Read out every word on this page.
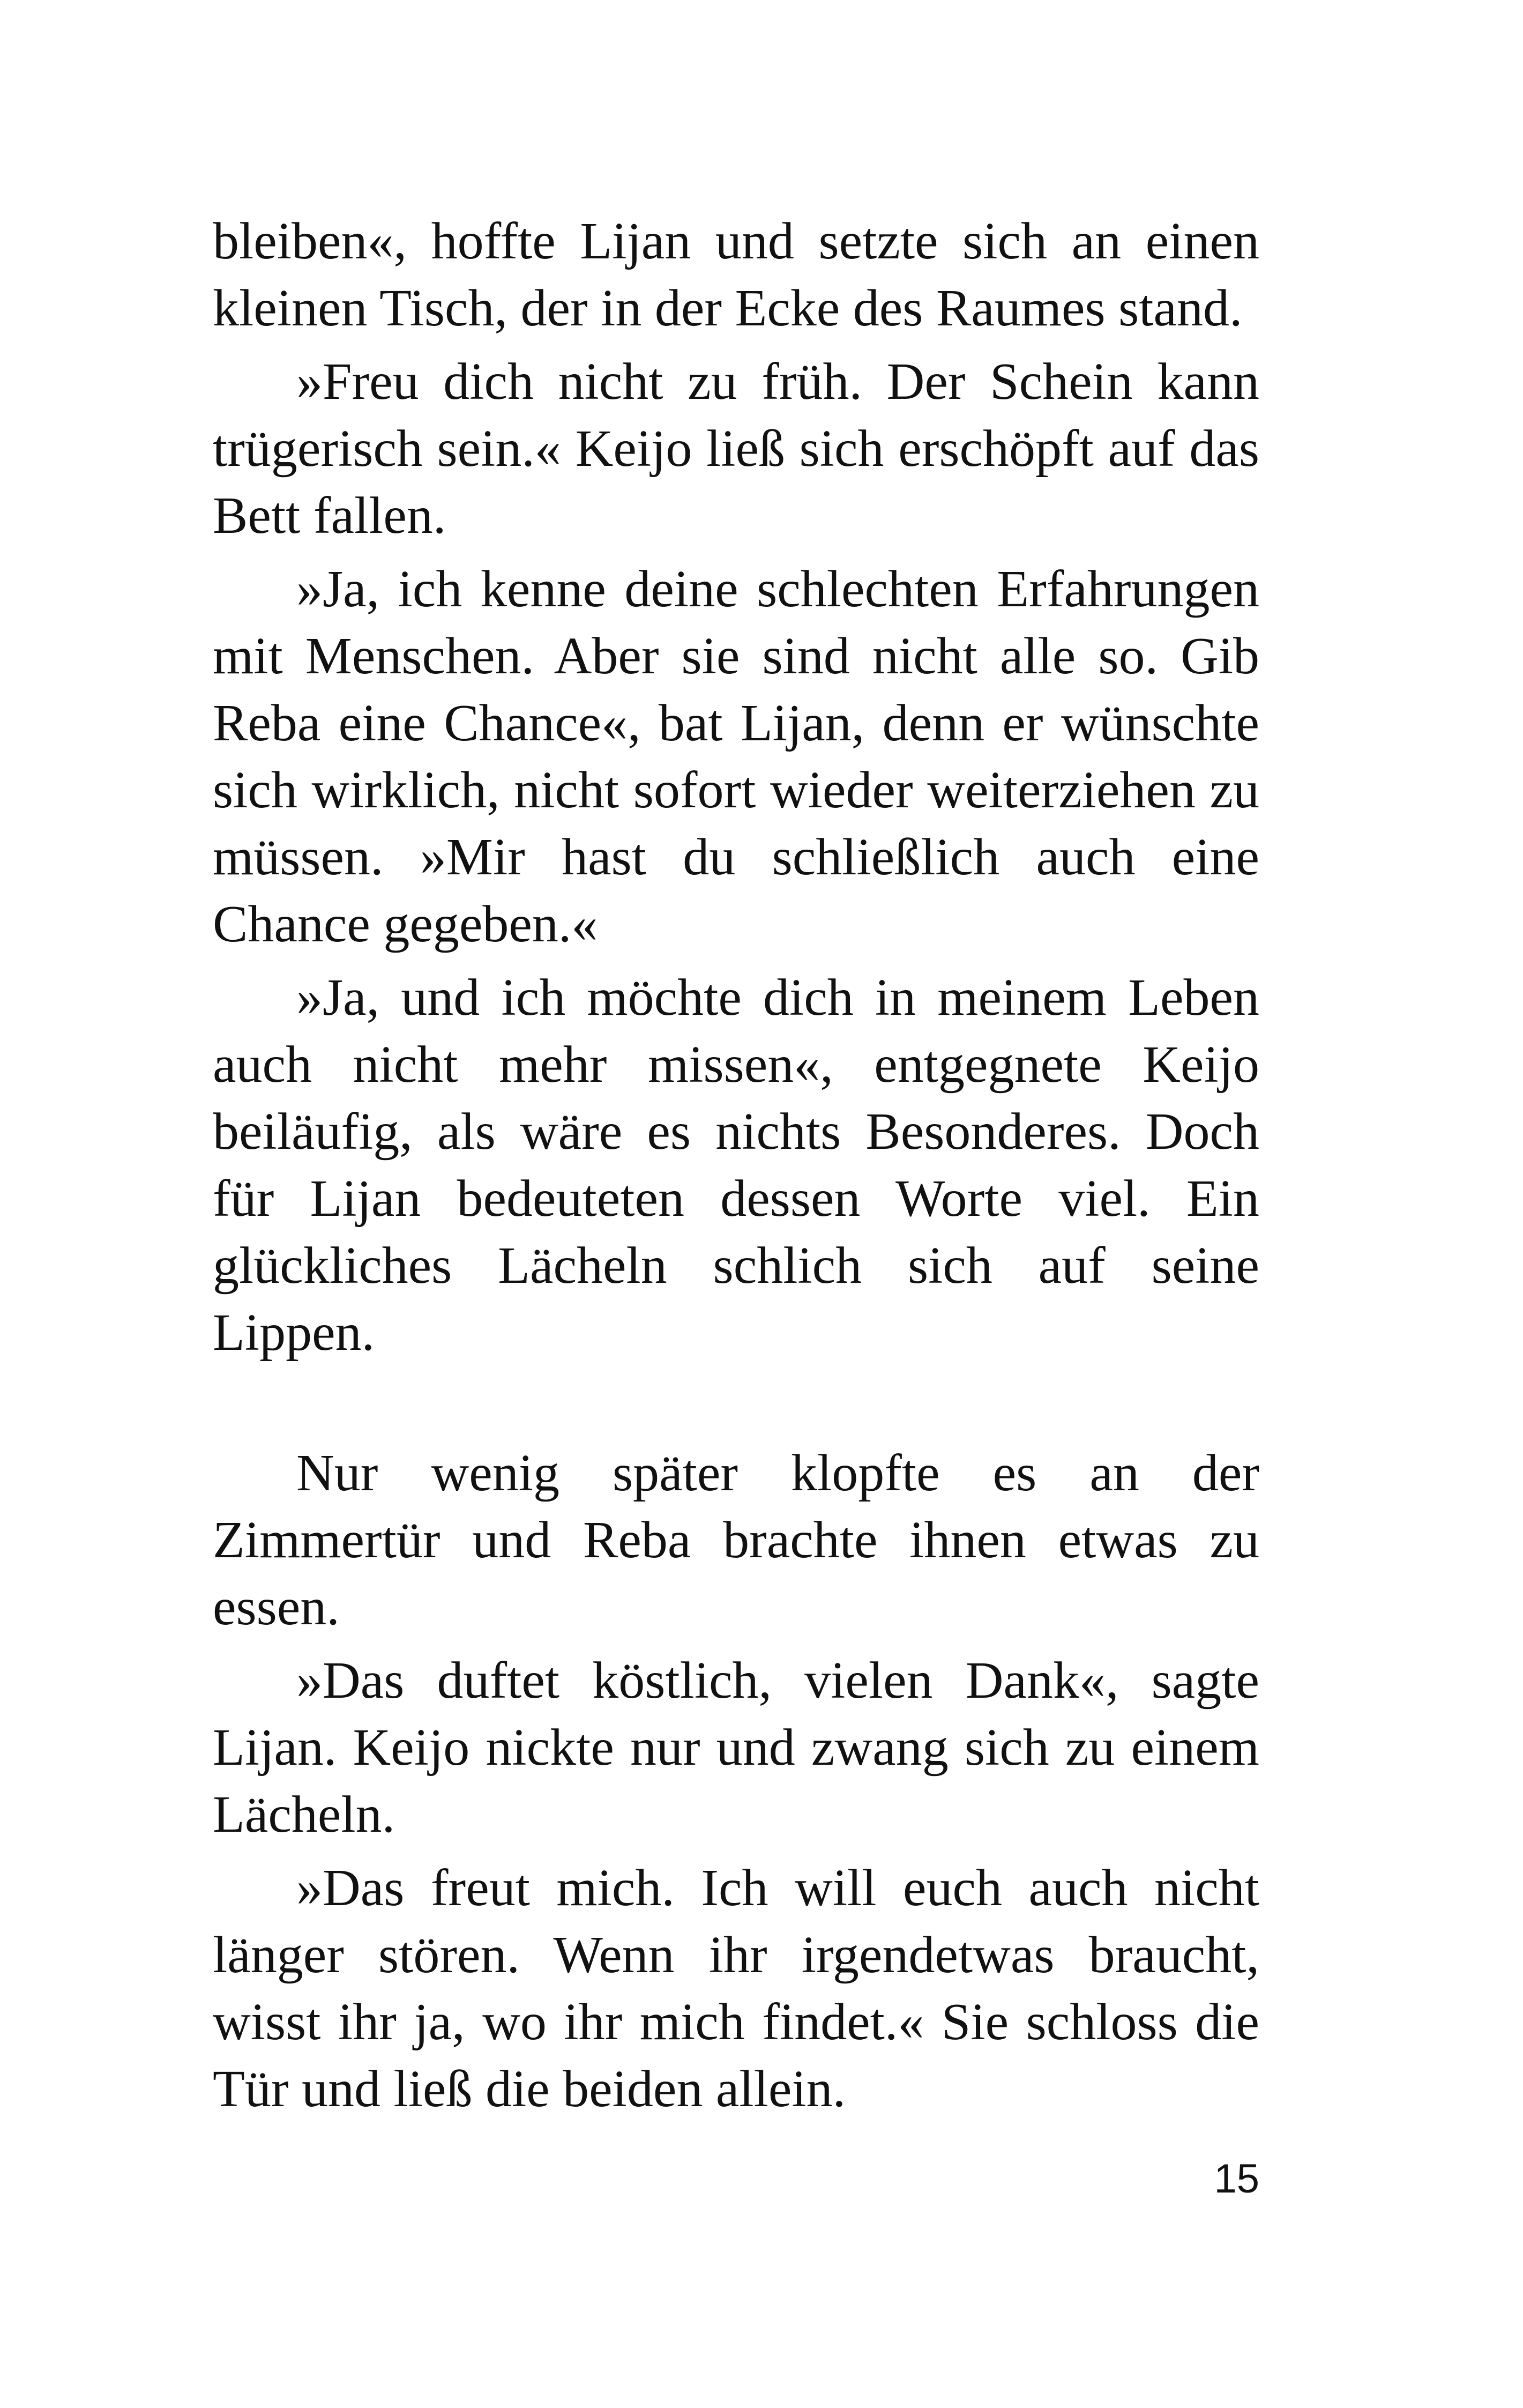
bleiben«, hoffte Lijan und setzte sich an einen kleinen Tisch, der in der Ecke des Raumes stand.

»Freu dich nicht zu früh. Der Schein kann trügerisch sein.« Keijo ließ sich erschöpft auf das Bett fallen.

»Ja, ich kenne deine schlechten Erfahrungen mit Menschen. Aber sie sind nicht alle so. Gib Reba eine Chance«, bat Lijan, denn er wünschte sich wirklich, nicht sofort wieder weiterziehen zu müssen. »Mir hast du schließlich auch eine Chance gegeben.«

»Ja, und ich möchte dich in meinem Leben auch nicht mehr missen«, entgegnete Keijo beiläufig, als wäre es nichts Besonderes. Doch für Lijan bedeuteten dessen Worte viel. Ein glückliches Lächeln schlich sich auf seine Lippen.

Nur wenig später klopfte es an der Zimmertür und Reba brachte ihnen etwas zu essen.

»Das duftet köstlich, vielen Dank«, sagte Lijan. Keijo nickte nur und zwang sich zu einem Lächeln.

»Das freut mich. Ich will euch auch nicht länger stören. Wenn ihr irgendetwas braucht, wisst ihr ja, wo ihr mich findet.« Sie schloss die Tür und ließ die beiden allein.

15
